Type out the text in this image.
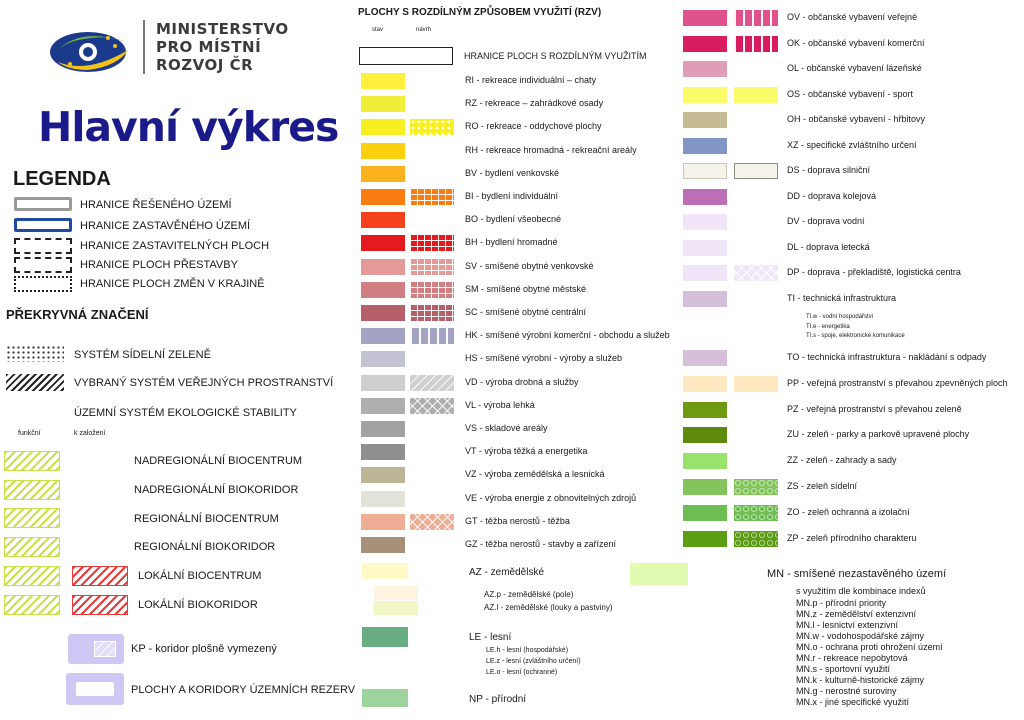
MINISTERSTVO
PRO MÍSTNÍ
ROZVOJ ČR
Hlavní výkres
LEGENDA
HRANICE ŘEŠENÉHO ÚZEMÍ
HRANICE ZASTAVĚNÉHO ÚZEMÍ
HRANICE ZASTAVITELNÝCH PLOCH
HRANICE PLOCH PŘESTAVBY
HRANICE PLOCH ZMĚN V KRAJINĚ
PŘEKRYVNÁ ZNAČENÍ
SYSTÉM SÍDELNÍ ZELENĚ
VYBRANÝ SYSTÉM VEŘEJNÝCH PROSTRANSTVÍ
ÚZEMNÍ SYSTÉM EKOLOGICKÉ STABILITY
funkční	k založení
NADREGIONÁLNÍ BIOCENTRUM
NADREGIONÁLNÍ BIOKORIDOR
REGIONÁLNÍ BIOCENTRUM
REGIONÁLNÍ BIOKORIDOR
LOKÁLNÍ BIOCENTRUM
LOKÁLNÍ BIOKORIDOR
KP - koridor plošně vymezený
PLOCHY A KORIDORY ÚZEMNÍCH REZERV
PLOCHY S ROZDÍLNÝM ZPŮSOBEM VYUŽITÍ (RZV)
stav	návrh
HRANICE PLOCH S ROZDÍLNÝM VYUŽITÍM
RI - rekreace individuální – chaty
RZ - rekreace – zahrádkové osady
RO - rekreace - oddychové plochy
RH - rekreace hromadná - rekreační areály
BV - bydlení venkovské
BI - bydlení individuální
BO - bydlení všeobecné
BH - bydlení hromadné
SV - smíšené obytné venkovské
SM - smíšené obytné městské
SC - smíšené obytné centrální
HK - smíšené výrobní komerční - obchodu a služeb
HS - smíšené výrobní - výroby a služeb
VD - výroba drobná a služby
VL - výroba lehká
VS - skladové areály
VT - výroba těžká a energetika
VZ - výroba zemědělská a lesnická
VE - výroba energie z obnovitelných zdrojů
GT - těžba nerostů - těžba
GZ - těžba nerostů - stavby a zařízení
AZ - zemědělské
AZ.p - zemědělské (pole)
AZ.l - zemědělské (louky a pastviny)
LE - lesní
LE.h - lesní (hospodářské)
LE.z - lesní (zvláštního určení)
LE.o - lesní (ochranné)
NP - přírodní
OV - občanské vybavení veřejné
OK - občanské vybavení komerční
OL - občanské vybavení lázeňské
OS - občanské vybavení - sport
OH - občanské vybavení - hřbitovy
XZ - specifické zvláštního určení
DS - doprava silniční
DD - doprava kolejová
DV - doprava vodní
DL - doprava letecká
DP - doprava - překladiště, logistická centra
TI - technická infrastruktura
TO - technická infrastruktura - nakládání s odpady
PP - veřejná prostranství s převahou zpevněných ploch
PZ - veřejná prostranství s převahou zeleně
ZU - zeleň - parky a parkově upravené plochy
ZZ - zeleň - zahrady a sady
ZS - zeleň sídelní
ZO - zeleň ochranná a izolační
ZP - zeleň přírodního charakteru
TI.w - vodní hospodářství
TI.e - energetika
TI.s - spoje, elektronické komunikace
MN - smíšené nezastavěného území
s využitím dle kombinace indexů
MN.p - přírodní priority
MN.z - zemědělství extenzivní
MN.l - lesnictví extenzivní
MN.w - vodohospodářské zájmy
MN.o - ochrana proti ohrožení území
MN.r - rekreace nepobytová
MN.s - sportovní využití
MN.k - kulturně-historické zájmy
MN.g - nerostné suroviny
MN.x - jiné specifické využití
